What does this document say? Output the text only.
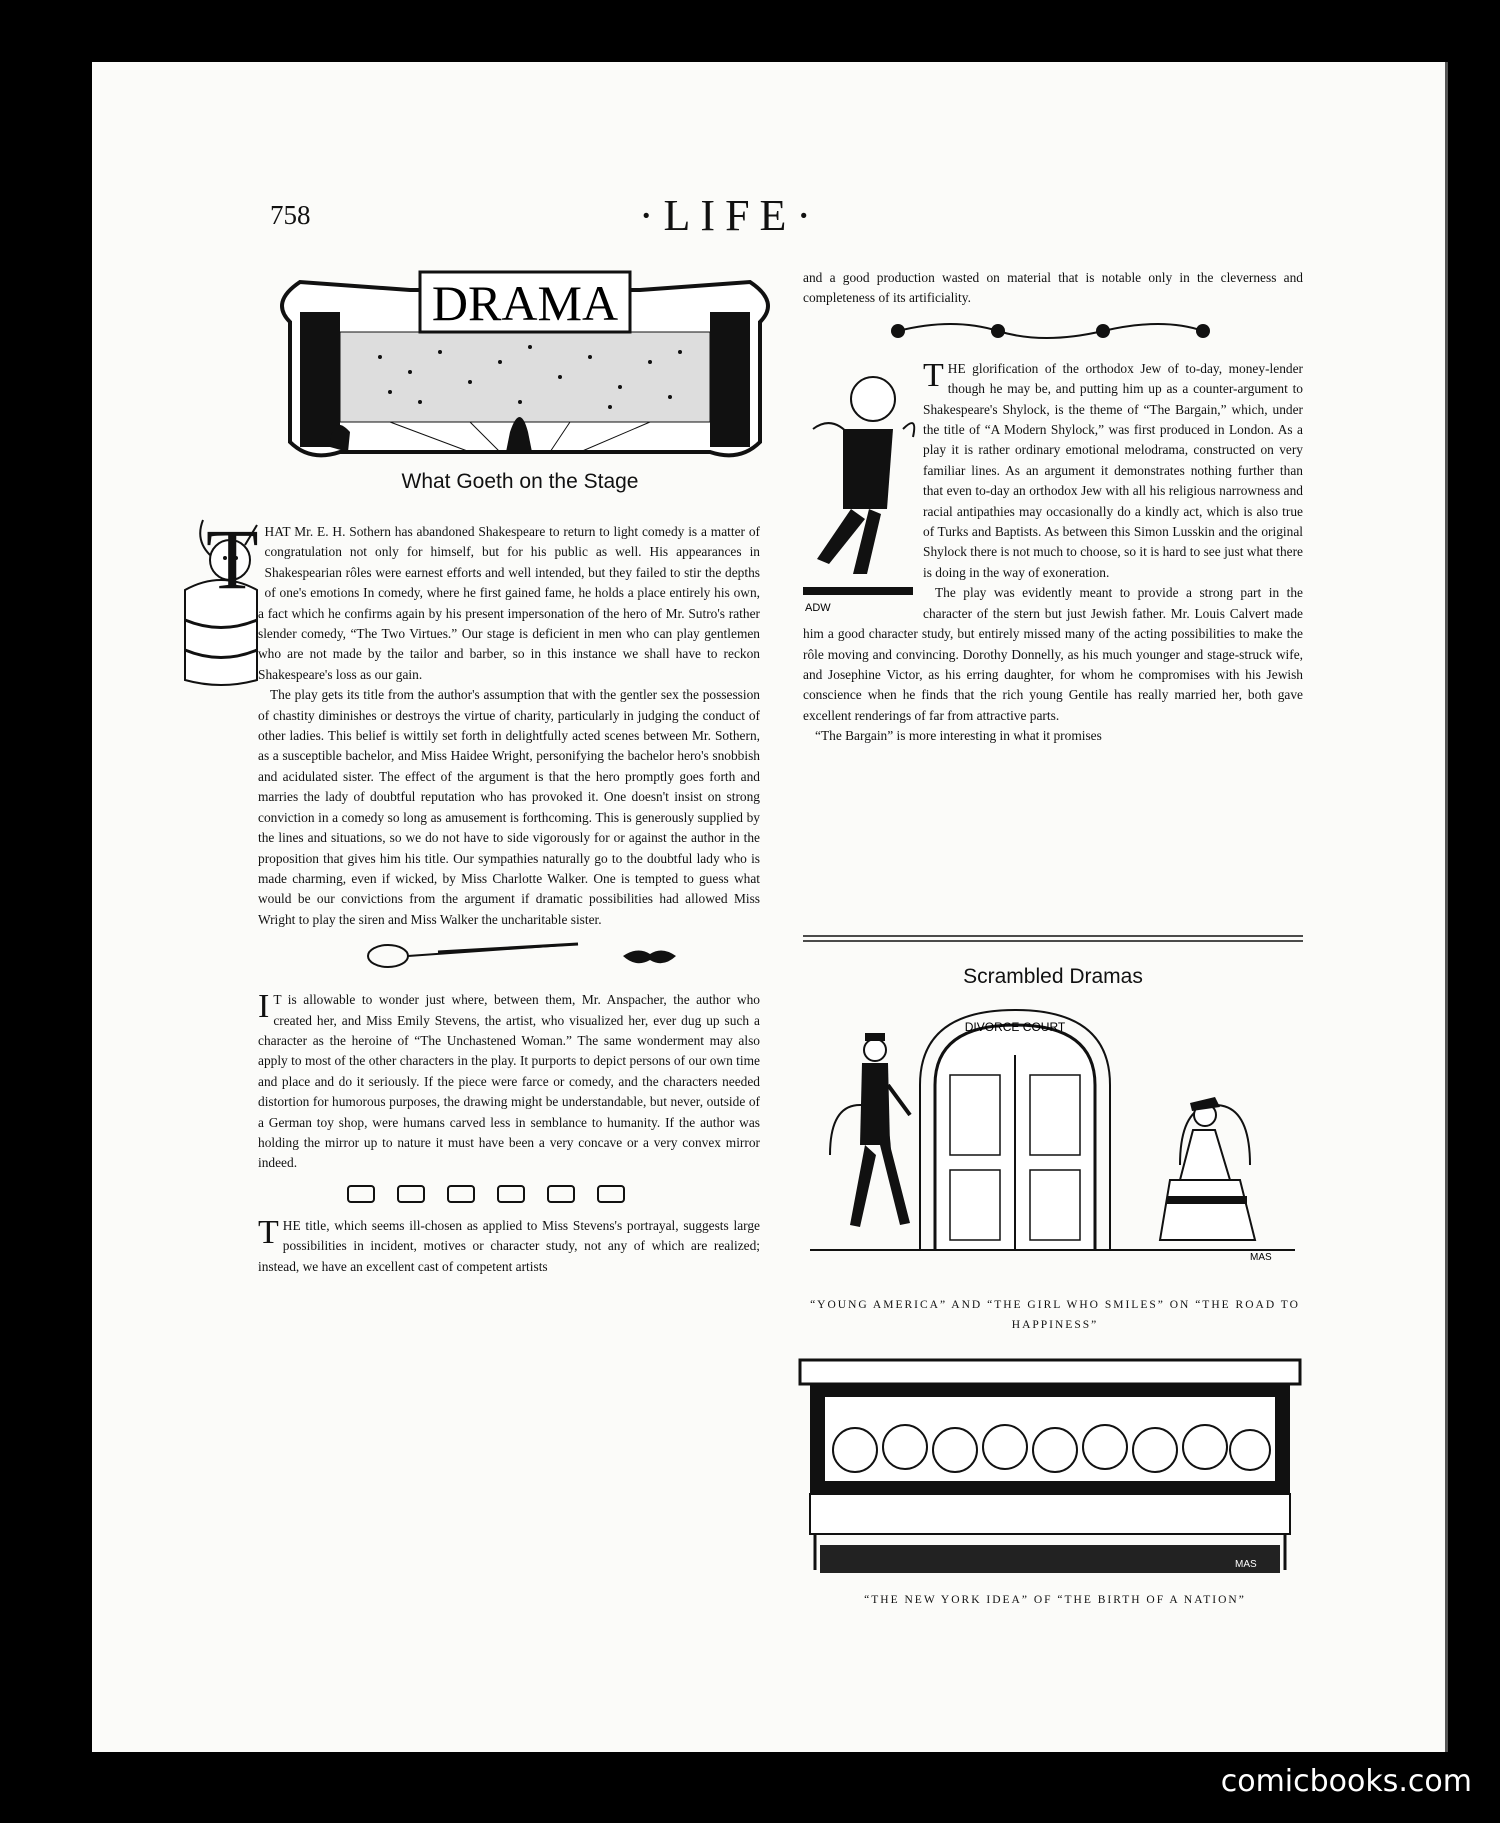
758	·LIFE·
DRAMA
What Goeth on the Stage

THAT Mr. E. H. Sothern has abandoned Shakespeare to return to light comedy is a matter of congratulation not only for himself, but for his public as well. His appearances in Shakespearian rôles were earnest efforts and well intended, but they failed to stir the depths of one's emotions In comedy, where he first gained fame, he holds a place entirely his own, a fact which he confirms again by his present impersonation of the hero of Mr. Sutro's rather slender comedy, “The Two Virtues.” Our stage is deficient in men who can play gentlemen who are not made by the tailor and barber, so in this instance we shall have to reckon Shakespeare's loss as our gain.

The play gets its title from the author's assumption that with the gentler sex the possession of chastity diminishes or destroys the virtue of charity, particularly in judging the conduct of other ladies. This belief is wittily set forth in delightfully acted scenes between Mr. Sothern, as a susceptible bachelor, and Miss Haidee Wright, personifying the bachelor hero's snobbish and acidulated sister. The effect of the argument is that the hero promptly goes forth and marries the lady of doubtful reputation who has provoked it. One doesn't insist on strong conviction in a comedy so long as amusement is forthcoming. This is generously supplied by the lines and situations, so we do not have to side vigorously for or against the author in the proposition that gives him his title. Our sympathies naturally go to the doubtful lady who is made charming, even if wicked, by Miss Charlotte Walker. One is tempted to guess what would be our convictions from the argument if dramatic possibilities had allowed Miss Wright to play the siren and Miss Walker the uncharitable sister.

I T is allowable to wonder just where, between them, Mr. Anspacher, the author who created her, and Miss Emily Stevens, the artist, who visualized her, ever dug up such a character as the heroine of “The Unchastened Woman.” The same wonderment may also apply to most of the other characters in the play. It purports to depict persons of our own time and place and do it seriously. If the piece were farce or comedy, and the characters needed distortion for humorous purposes, the drawing might be understandable, but never, outside of a German toy shop, were humans carved less in semblance to humanity. If the author was holding the mirror up to nature it must have been a very concave or a very convex mirror indeed.

THE title, which seems ill-chosen as applied to Miss Stevens's portrayal, suggests large possibilities in incident, motives or character study, not any of which are realized; instead, we have an excellent cast of competent artists

and a good production wasted on material that is notable only in the cleverness and completeness of its artificiality.

ADW

THE glorification of the orthodox Jew of to-day, money-lender though he may be, and putting him up as a counter-argument to Shakespeare's Shylock, is the theme of “The Bargain,” which, under the title of “A Modern Shylock,” was first produced in London. As a play it is rather ordinary emotional melodrama, constructed on very familiar lines. As an argument it demonstrates nothing further than that even to-day an orthodox Jew with all his religious narrowness and racial antipathies may occasionally do a kindly act, which is also true of Turks and Baptists. As between this Simon Lusskin and the original Shylock there is not much to choose, so it is hard to see just what there is doing in the way of exoneration.

The play was evidently meant to provide a strong part in the character of the stern but just Jewish father. Mr. Louis Calvert made him a good character study, but entirely missed many of the acting possibilities to make the rôle moving and convincing. Dorothy Donnelly, as his much younger and stage-struck wife, and Josephine Victor, as his erring daughter, for whom he compromises with his Jewish conscience when he finds that the rich young Gentile has really married her, both gave excellent renderings of far from attractive parts.

“The Bargain” is more interesting in what it promises

Scrambled Dramas
DIVORCE COURT
MAS
“YOUNG AMERICA” AND “THE GIRL WHO SMILES” ON “THE ROAD TO HAPPINESS”
MAS
“THE NEW YORK IDEA” OF “THE BIRTH OF A NATION”
comicbooks.com
